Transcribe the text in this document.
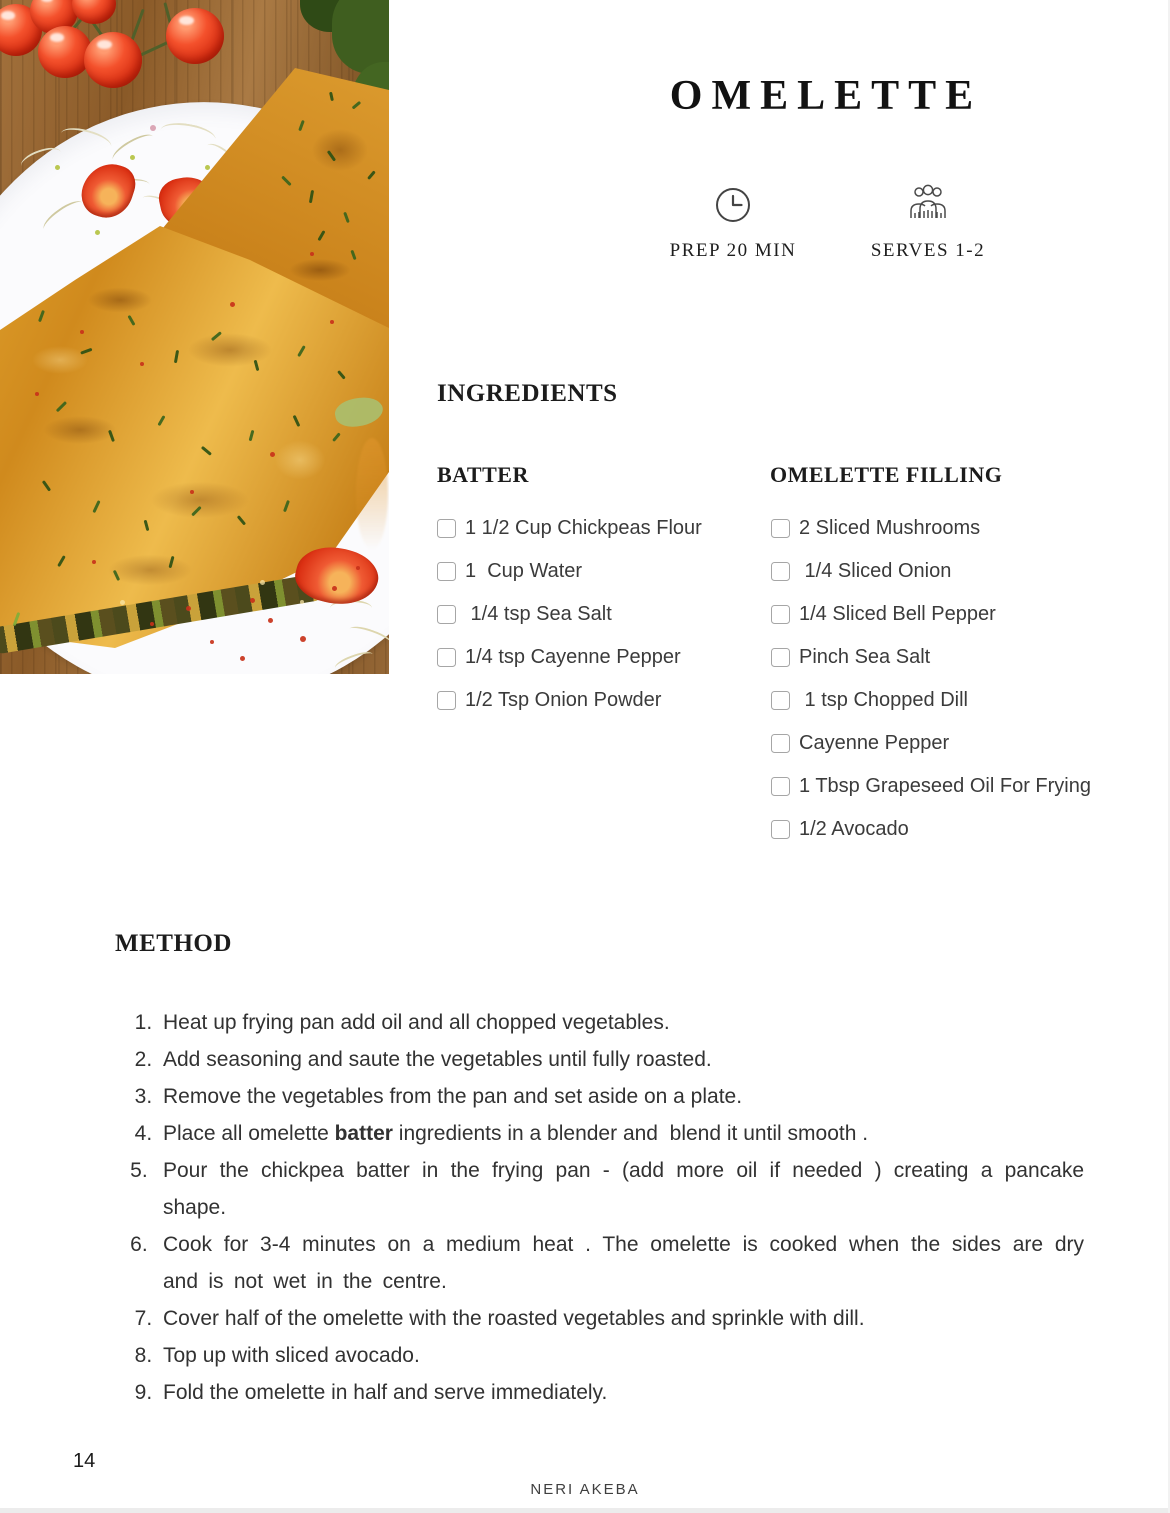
OMELETTE
PREP 20 MIN	SERVES 1-2
INGREDIENTS
BATTER	OMELETTE FILLING
1 1/2 Cup Chickpeas Flour
1  Cup Water
1/4 tsp Sea Salt
1/4 tsp Cayenne Pepper
1/2 Tsp Onion Powder
2 Sliced Mushrooms
1/4 Sliced Onion
1/4 Sliced Bell Pepper
Pinch Sea Salt
1 tsp Chopped Dill
Cayenne Pepper
1 Tbsp Grapeseed Oil For Frying
1/2 Avocado
METHOD
1. Heat up frying pan add oil and all chopped vegetables.
2. Add seasoning and saute the vegetables until fully roasted.
3. Remove the vegetables from the pan and set aside on a plate.
4. Place all omelette batter ingredients in a blender and  blend it until smooth .
5. Pour the chickpea batter in the frying pan - (add more oil if needed ) creating a pancake shape.
6. Cook for 3-4 minutes on a medium heat . The omelette is cooked when the sides are dry and is not wet in the centre.
7. Cover half of the omelette with the roasted vegetables and sprinkle with dill.
8. Top up with sliced avocado.
9. Fold the omelette in half and serve immediately.
14
NERI AKEBA
